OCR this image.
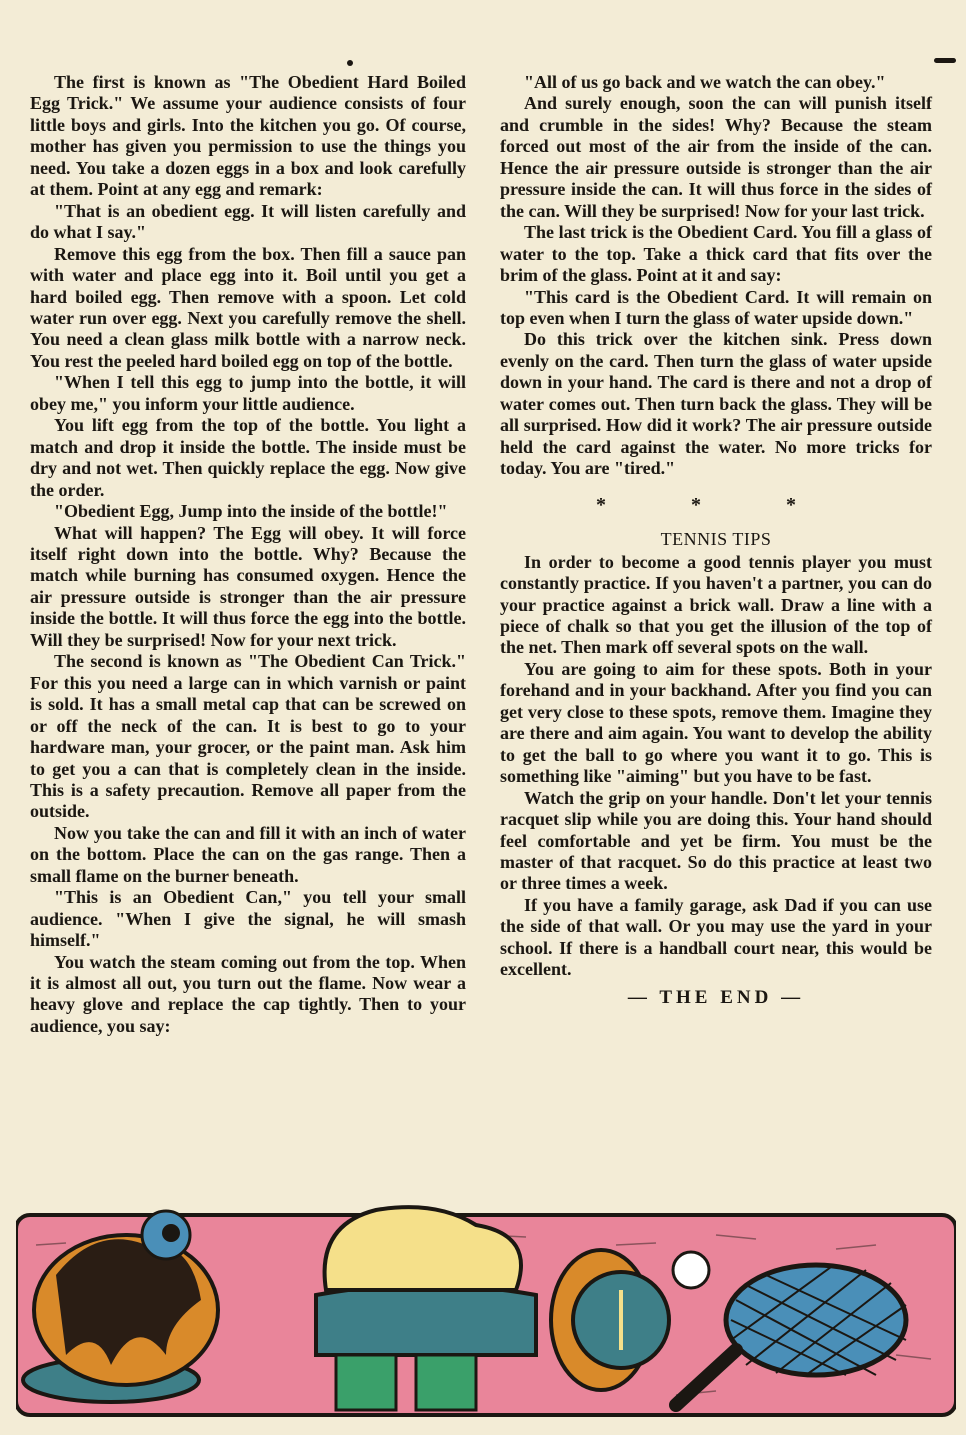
The first is known as "The Obedient Hard Boiled Egg Trick." We assume your audience consists of four little boys and girls. Into the kitchen you go. Of course, mother has given you permission to use the things you need. You take a dozen eggs in a box and look carefully at them. Point at any egg and remark:

"That is an obedient egg. It will listen carefully and do what I say."

Remove this egg from the box. Then fill a sauce pan with water and place egg into it. Boil until you get a hard boiled egg. Then remove with a spoon. Let cold water run over egg. Next you carefully remove the shell. You need a clean glass milk bottle with a narrow neck. You rest the peeled hard boiled egg on top of the bottle.

"When I tell this egg to jump into the bottle, it will obey me," you inform your little audience.

You lift egg from the top of the bottle. You light a match and drop it inside the bottle. The inside must be dry and not wet. Then quickly replace the egg. Now give the order.

"Obedient Egg, Jump into the inside of the bottle!"

What will happen? The Egg will obey. It will force itself right down into the bottle. Why? Because the match while burning has consumed oxygen. Hence the air pressure outside is stronger than the air pressure inside the bottle. It will thus force the egg into the bottle. Will they be surprised! Now for your next trick.

The second is known as "The Obedient Can Trick." For this you need a large can in which varnish or paint is sold. It has a small metal cap that can be screwed on or off the neck of the can. It is best to go to your hardware man, your grocer, or the paint man. Ask him to get you a can that is completely clean in the inside. This is a safety precaution. Remove all paper from the outside.

Now you take the can and fill it with an inch of water on the bottom. Place the can on the gas range. Then a small flame on the burner beneath.

"This is an Obedient Can," you tell your small audience. "When I give the signal, he will smash himself."

You watch the steam coming out from the top. When it is almost all out, you turn out the flame. Now wear a heavy glove and replace the cap tightly. Then to your audience, you say:

"All of us go back and we watch the can obey."

And surely enough, soon the can will punish itself and crumble in the sides! Why? Because the steam forced out most of the air from the inside of the can. Hence the air pressure outside is stronger than the air pressure inside the can. It will thus force in the sides of the can. Will they be surprised! Now for your last trick.

The last trick is the Obedient Card. You fill a glass of water to the top. Take a thick card that fits over the brim of the glass. Point at it and say:

"This card is the Obedient Card. It will remain on top even when I turn the glass of water upside down."

Do this trick over the kitchen sink. Press down evenly on the card. Then turn the glass of water upside down in your hand. The card is there and not a drop of water comes out. Then turn back the glass. They will be all surprised. How did it work? The air pressure outside held the card against the water. No more tricks for today. You are "tired."

* * *
TENNIS TIPS

In order to become a good tennis player you must constantly practice. If you haven't a partner, you can do your practice against a brick wall. Draw a line with a piece of chalk so that you get the illusion of the top of the net. Then mark off several spots on the wall.

You are going to aim for these spots. Both in your forehand and in your backhand. After you find you can get very close to these spots, remove them. Imagine they are there and aim again. You want to develop the ability to get the ball to go where you want it to go. This is something like "aiming" but you have to be fast.

Watch the grip on your handle. Don't let your tennis racquet slip while you are doing this. Your hand should feel comfortable and yet be firm. You must be the master of that racquet. So do this practice at least two or three times a week.

If you have a family garage, ask Dad if you can use the side of that wall. Or you may use the yard in your school. If there is a handball court near, this would be excellent.

— THE END —
